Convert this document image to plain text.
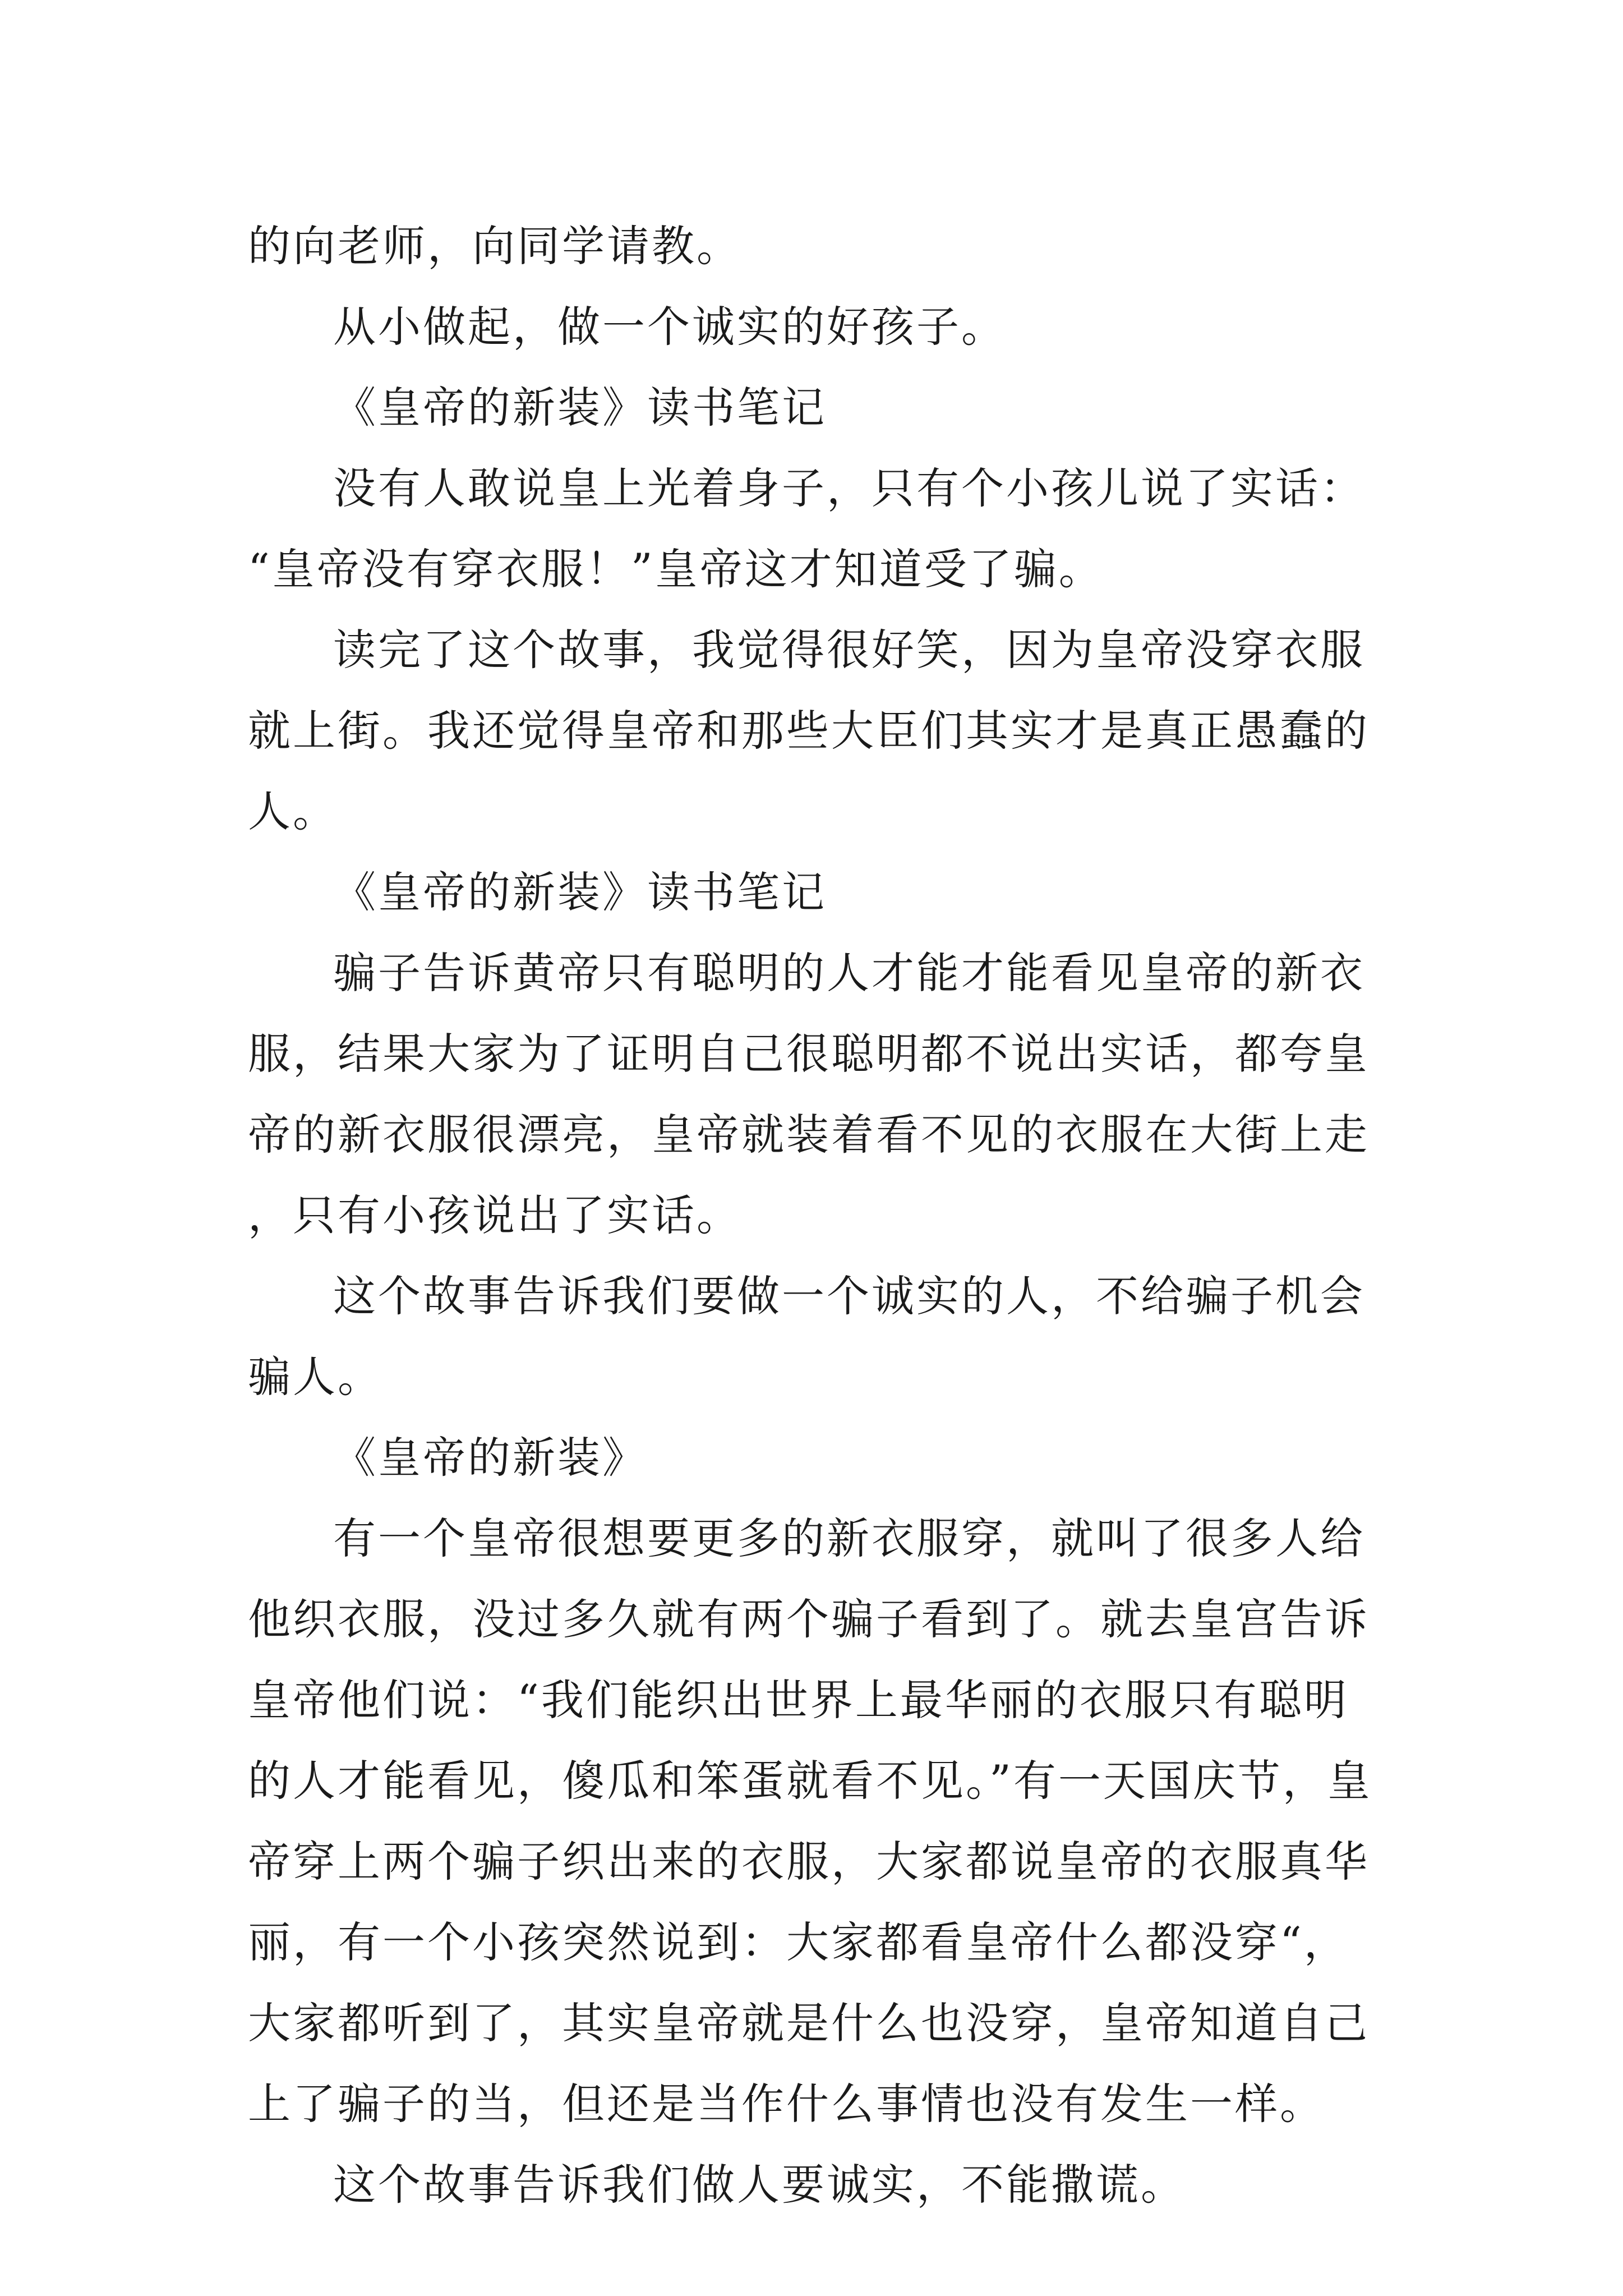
的向老师，向同学请教。

从小做起，做一个诚实的好孩子。

《皇帝的新装》读书笔记

没有人敢说皇上光着身子，只有个小孩儿说了实话：“皇帝没有穿衣服！”皇帝这才知道受了骗。

读完了这个故事，我觉得很好笑，因为皇帝没穿衣服就上街。我还觉得皇帝和那些大臣们其实才是真正愚蠢的人。

《皇帝的新装》读书笔记

骗子告诉黄帝只有聪明的人才能才能看见皇帝的新衣服，结果大家为了证明自己很聪明都不说出实话，都夸皇帝的新衣服很漂亮，皇帝就装着看不见的衣服在大街上走，只有小孩说出了实话。

这个故事告诉我们要做一个诚实的人，不给骗子机会骗人。

《皇帝的新装》

有一个皇帝很想要更多的新衣服穿，就叫了很多人给他织衣服，没过多久就有两个骗子看到了。就去皇宫告诉皇帝他们说：“我们能织出世界上最华丽的衣服只有聪明的人才能看见，傻瓜和笨蛋就看不见。”有一天国庆节，皇帝穿上两个骗子织出来的衣服，大家都说皇帝的衣服真华丽，有一个小孩突然说到：大家都看皇帝什么都没穿“，大家都听到了，其实皇帝就是什么也没穿，皇帝知道自己上了骗子的当，但还是当作什么事情也没有发生一样。

这个故事告诉我们做人要诚实，不能撒谎。
